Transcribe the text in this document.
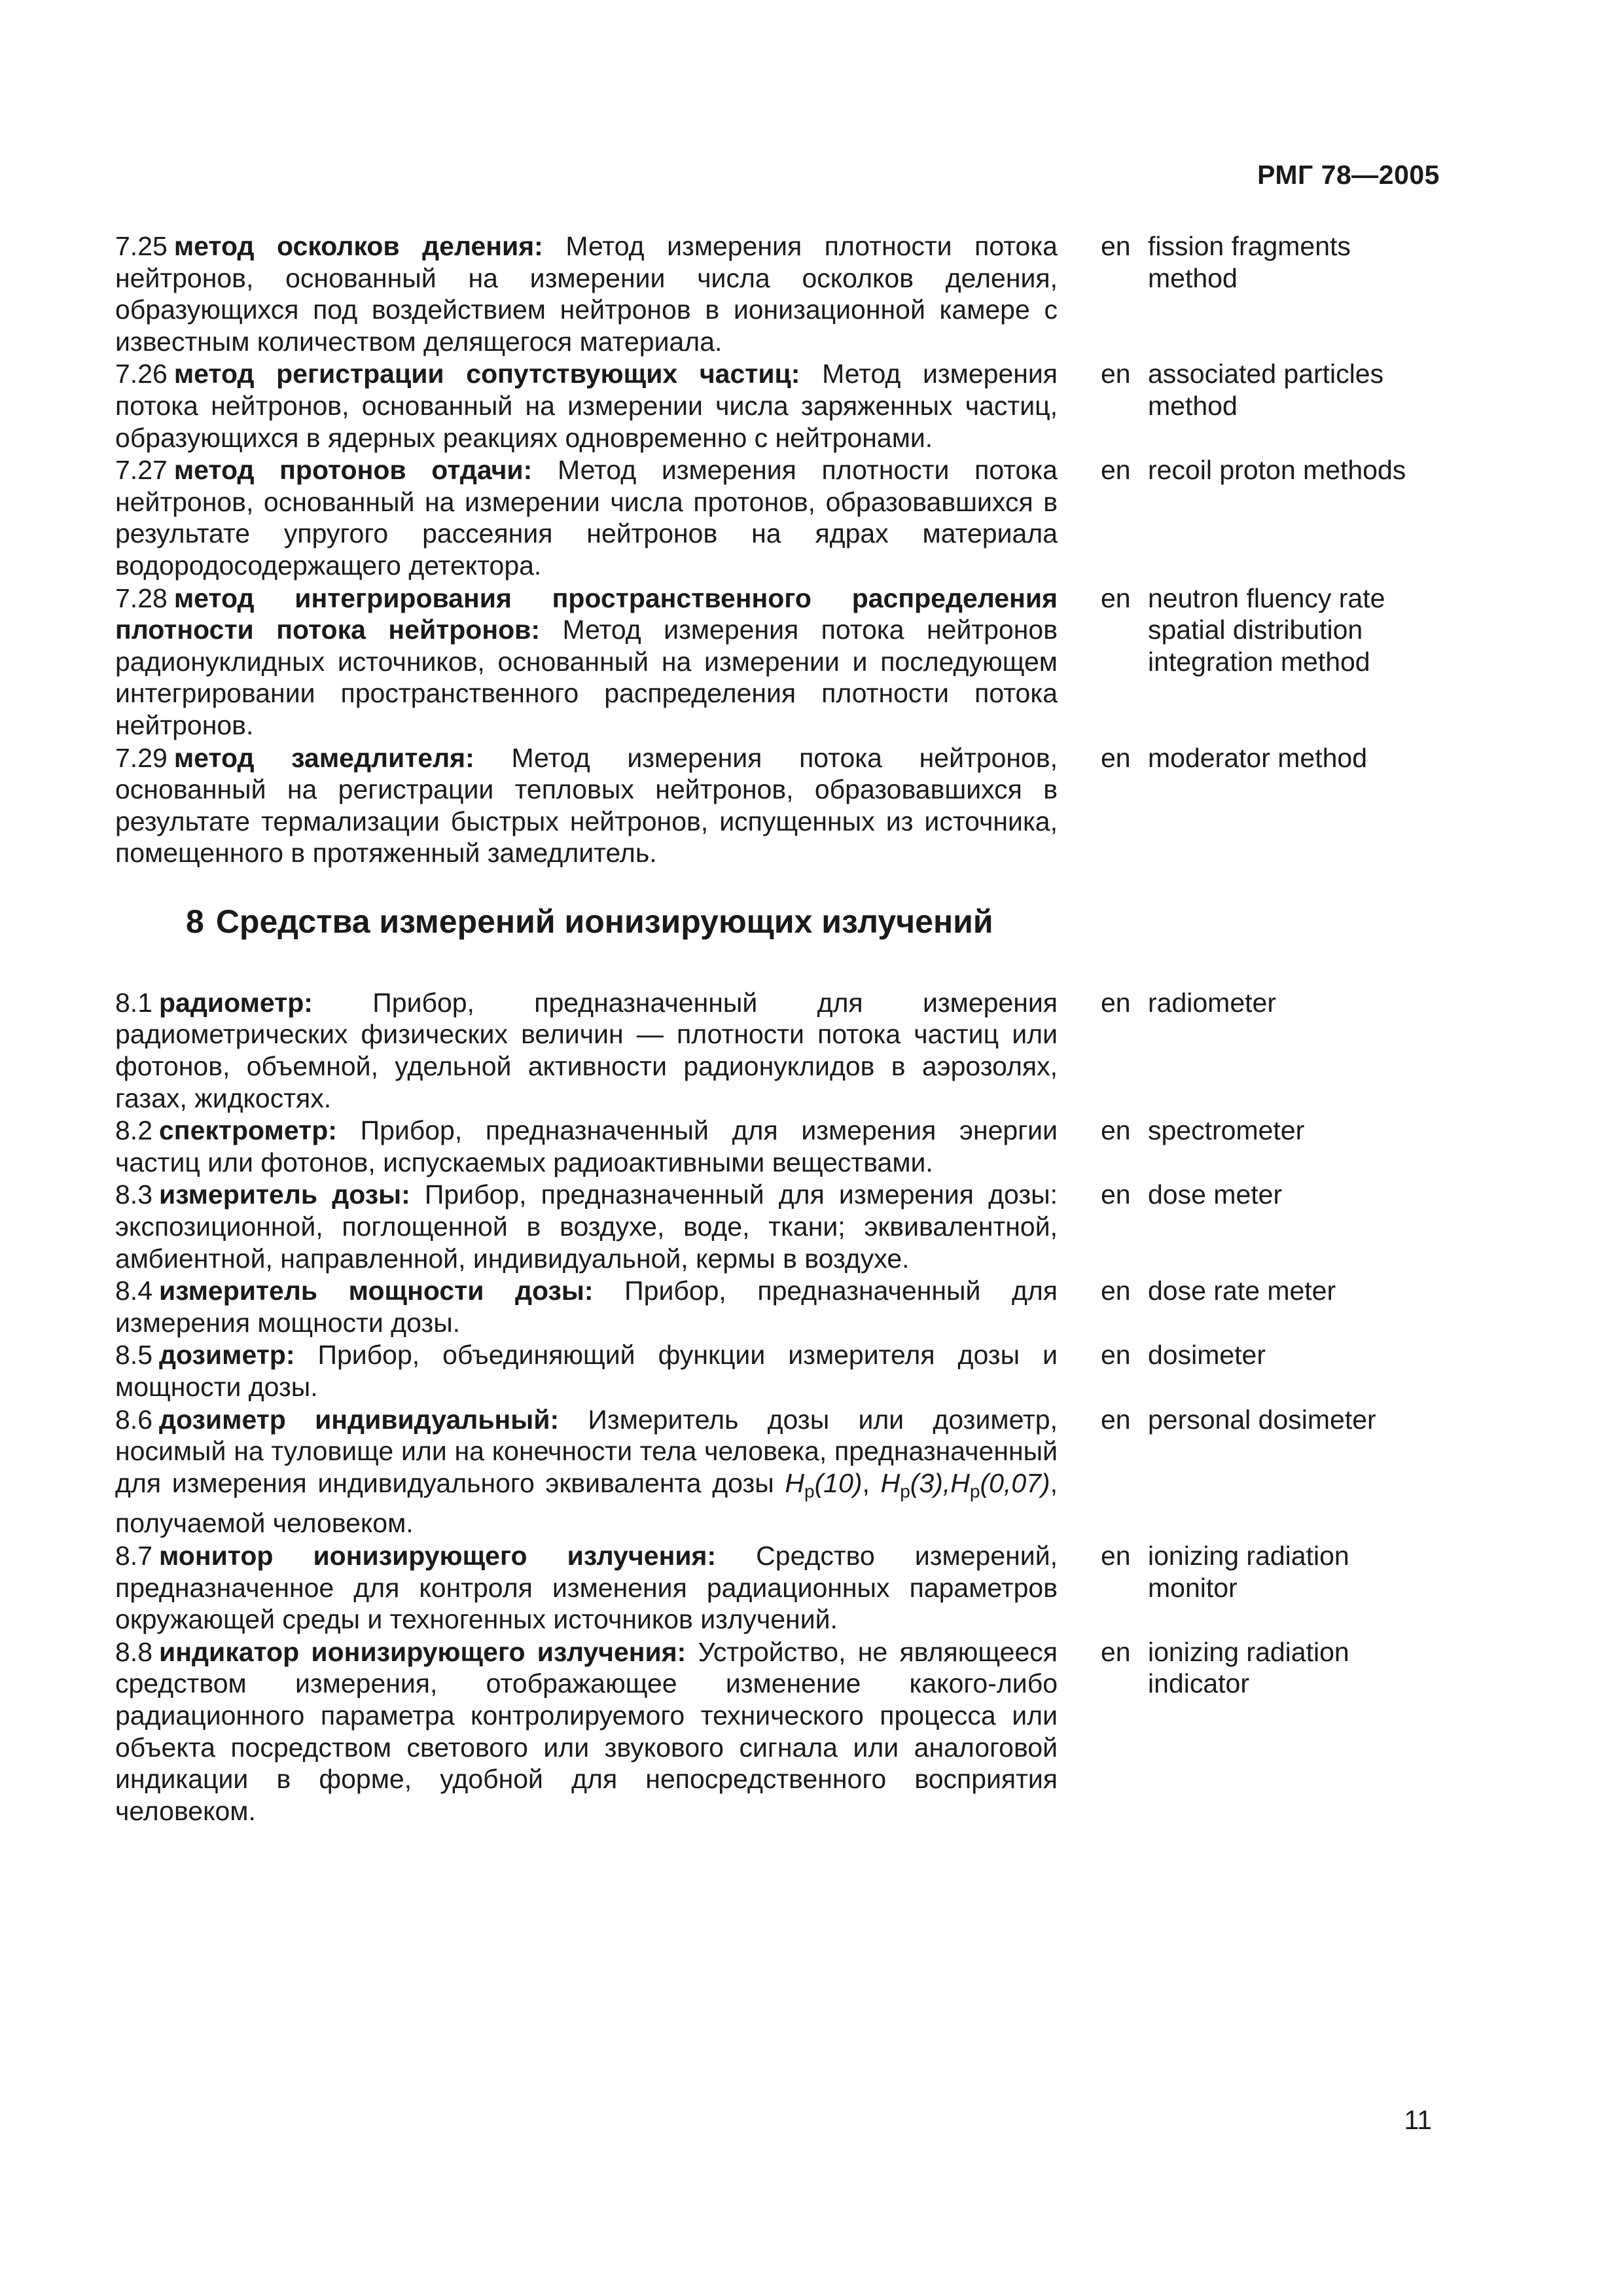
РМГ 78—2005
7.25 метод осколков деления: Метод измерения плотности потока нейтронов, основанный на измерении числа осколков деления, образующихся под воздействием нейтронов в ионизационной камере с известным количеством делящегося материала.
en fission fragments method
7.26 метод регистрации сопутствующих частиц: Метод измерения потока нейтронов, основанный на измерении числа заряженных частиц, образующихся в ядерных реакциях одновременно с нейтронами.
en associated particles method
7.27 метод протонов отдачи: Метод измерения плотности потока нейтронов, основанный на измерении числа протонов, образовавшихся в результате упругого рассеяния нейтронов на ядрах материала водородосодержащего детектора.
en recoil proton methods
7.28 метод интегрирования пространственного распределения плотности потока нейтронов: Метод измерения потока нейтронов радионуклидных источников, основанный на измерении и последующем интегрировании пространственного распределения плотности потока нейтронов.
en neutron fluency rate spatial distribution integration method
7.29 метод замедлителя: Метод измерения потока нейтронов, основанный на регистрации тепловых нейтронов, образовавшихся в результате термализации быстрых нейтронов, испущенных из источника, помещенного в протяженный замедлитель.
en moderator method
8 Средства измерений ионизирующих излучений
8.1 радиометр: Прибор, предназначенный для измерения радиометрических физических величин — плотности потока частиц или фотонов, объемной, удельной активности радионуклидов в аэрозолях, газах, жидкостях.
en radiometer
8.2 спектрометр: Прибор, предназначенный для измерения энергии частиц или фотонов, испускаемых радиоактивными веществами.
en spectrometer
8.3 измеритель дозы: Прибор, предназначенный для измерения дозы: экспозиционной, поглощенной в воздухе, воде, ткани; эквивалентной, амбиентной, направленной, индивидуальной, кермы в воздухе.
en dose meter
8.4 измеритель мощности дозы: Прибор, предназначенный для измерения мощности дозы.
en dose rate meter
8.5 дозиметр: Прибор, объединяющий функции измерителя дозы и мощности дозы.
en dosimeter
8.6 дозиметр индивидуальный: Измеритель дозы или дозиметр, носимый на туловище или на конечности тела человека, предназначенный для измерения индивидуального эквивалента дозы $H_p(10)$, $H_p(3),H_p(0,07)$, получаемой человеком.
en personal dosimeter
8.7 монитор ионизирующего излучения: Средство измерений, предназначенное для контроля изменения радиационных параметров окружающей среды и техногенных источников излучений.
en ionizing radiation monitor
8.8 индикатор ионизирующего излучения: Устройство, не являющееся средством измерения, отображающее изменение какого-либо радиационного параметра контролируемого технического процесса или объекта посредством светового или звукового сигнала или аналоговой индикации в форме, удобной для непосредственного восприятия человеком.
en ionizing radiation indicator
11
